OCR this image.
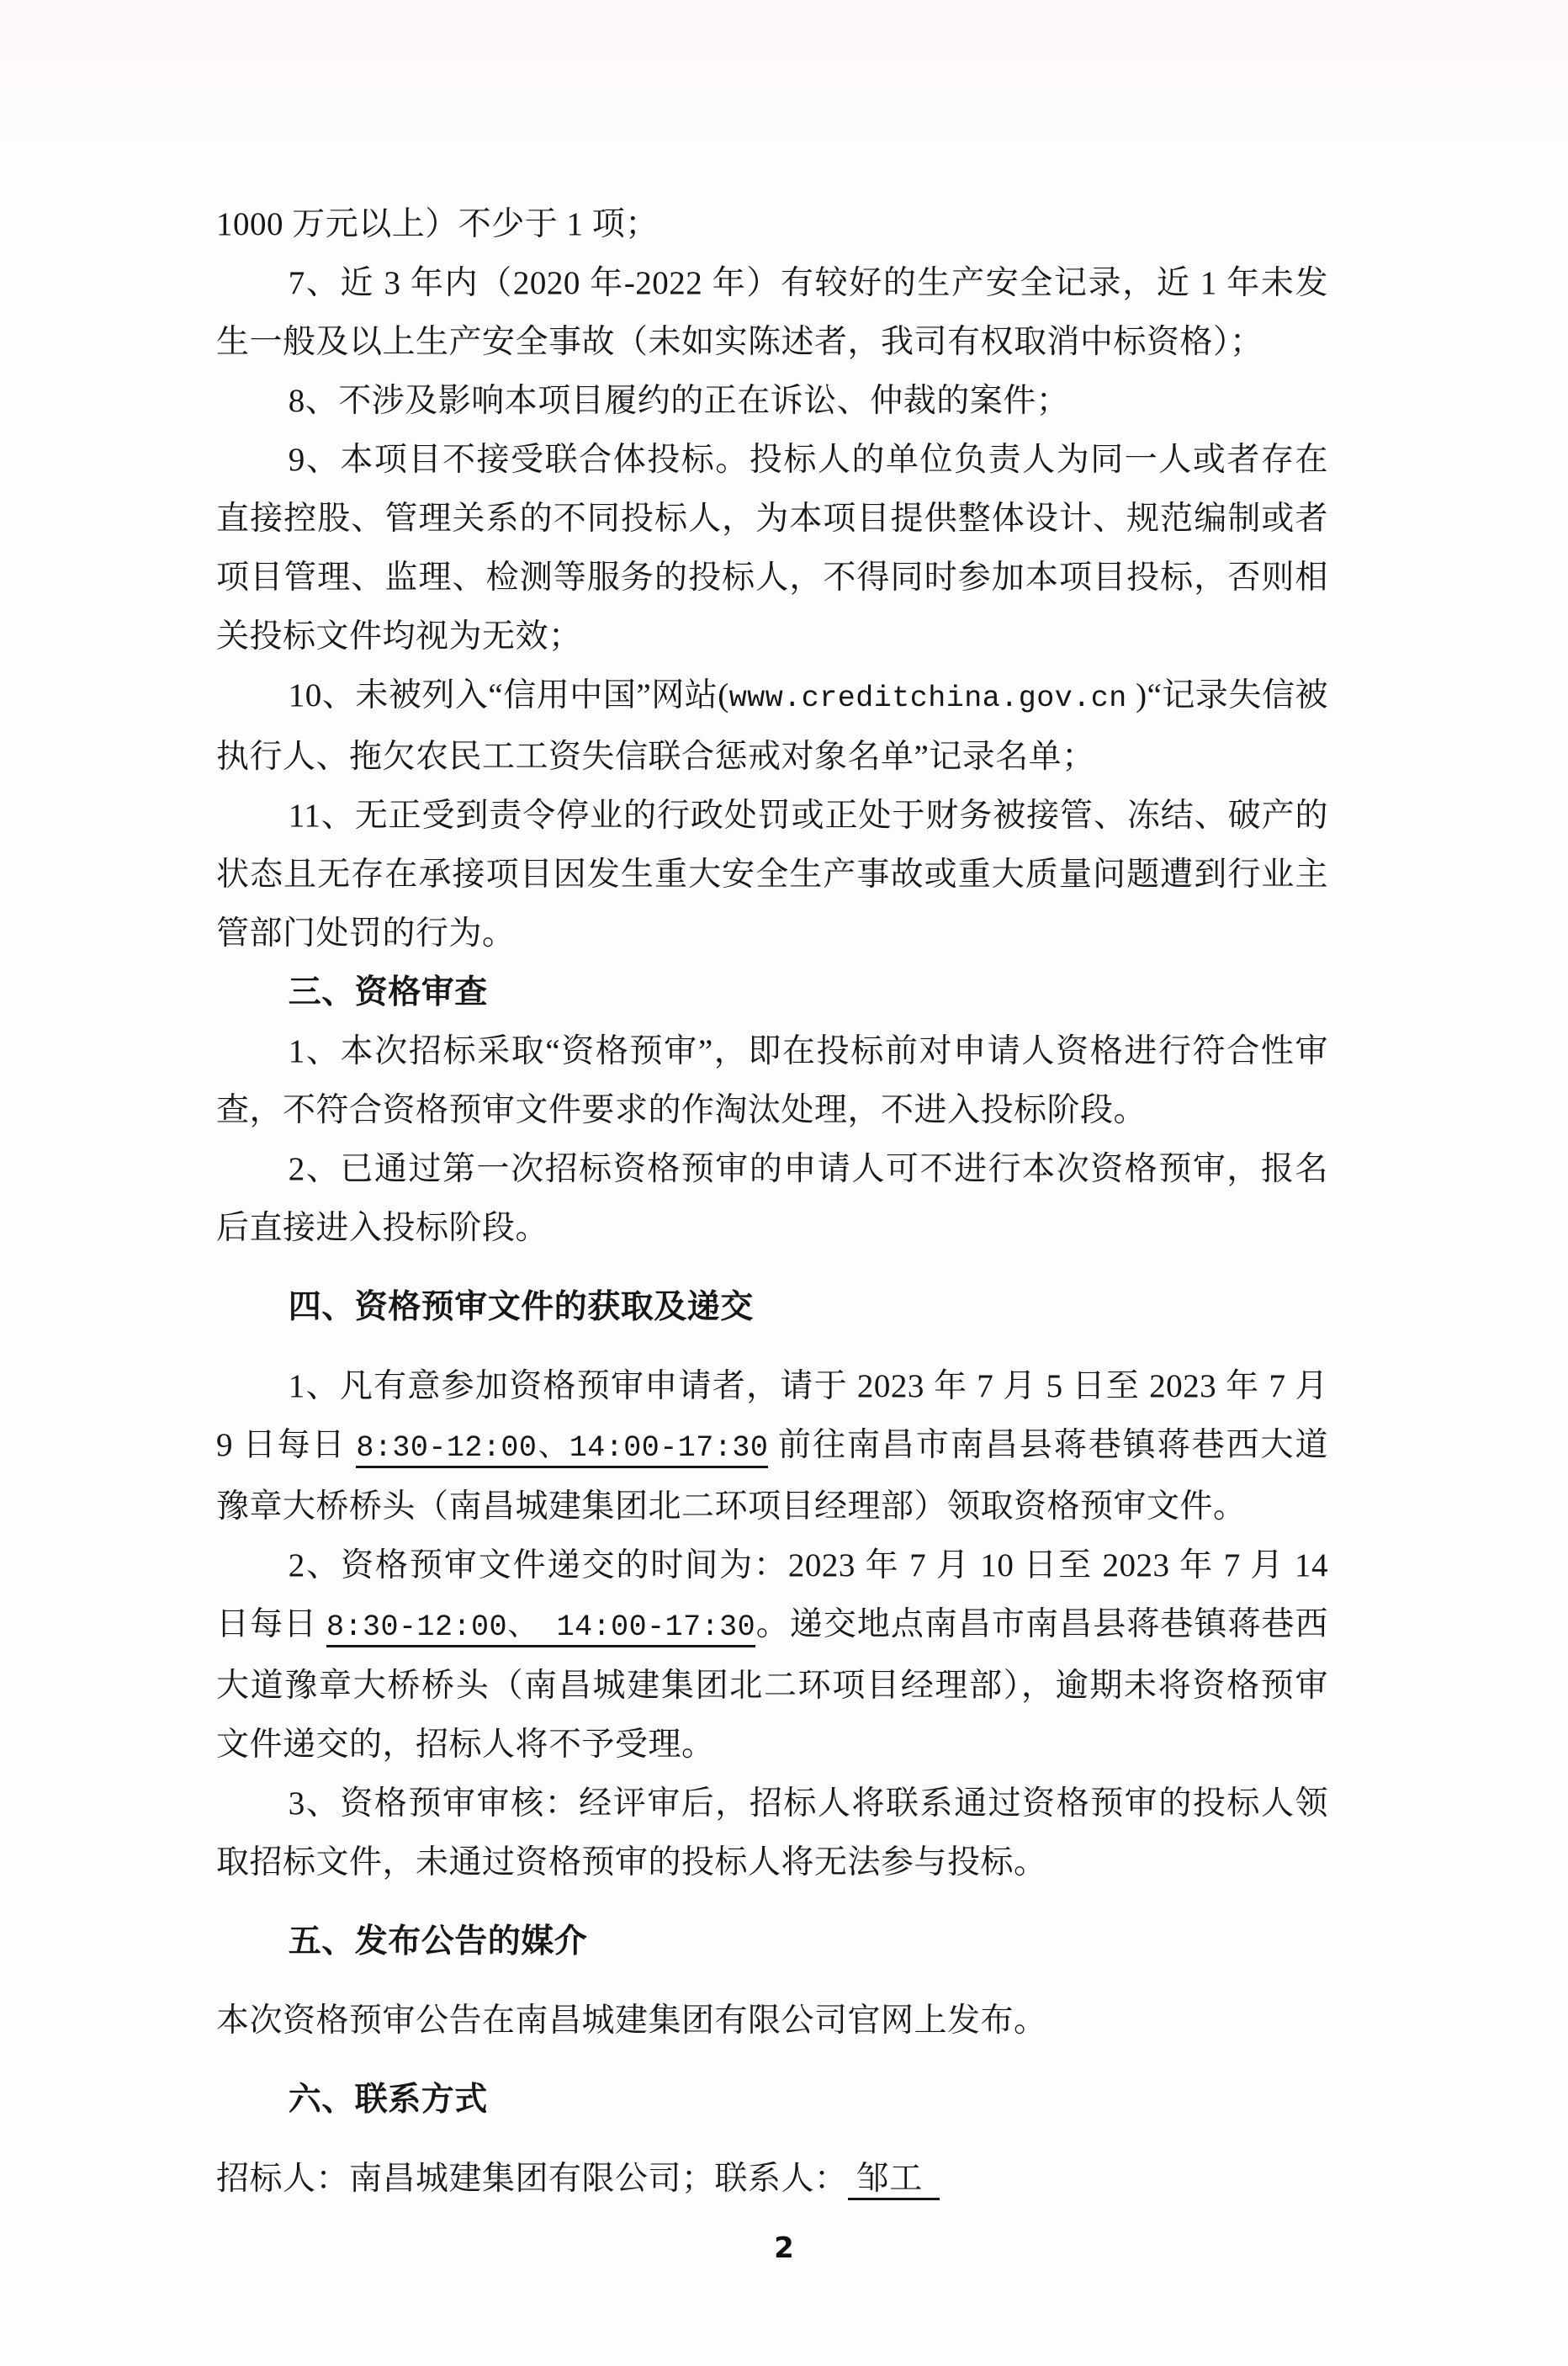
1000 万元以上）不少于 1 项；

7、近 3 年内（2020 年-2022 年）有较好的生产安全记录，近 1 年未发生一般及以上生产安全事故（未如实陈述者，我司有权取消中标资格）；

8、不涉及影响本项目履约的正在诉讼、仲裁的案件；

9、本项目不接受联合体投标。投标人的单位负责人为同一人或者存在直接控股、管理关系的不同投标人，为本项目提供整体设计、规范编制或者项目管理、监理、检测等服务的投标人，不得同时参加本项目投标，否则相关投标文件均视为无效；

10、未被列入“信用中国”网站(www.creditchina.gov.cn )“记录失信被执行人、拖欠农民工工资失信联合惩戒对象名单”记录名单；

11、无正受到责令停业的行政处罚或正处于财务被接管、冻结、破产的状态且无存在承接项目因发生重大安全生产事故或重大质量问题遭到行业主管部门处罚的行为。

三、资格审查

1、本次招标采取“资格预审”，即在投标前对申请人资格进行符合性审查，不符合资格预审文件要求的作淘汰处理，不进入投标阶段。

2、已通过第一次招标资格预审的申请人可不进行本次资格预审，报名后直接进入投标阶段。

四、资格预审文件的获取及递交

1、凡有意参加资格预审申请者，请于 2023 年 7 月 5 日至 2023 年 7 月 9 日每日 8:30-12:00、14:00-17:30 前往南昌市南昌县蒋巷镇蒋巷西大道豫章大桥桥头（南昌城建集团北二环项目经理部）领取资格预审文件。

2、资格预审文件递交的时间为：2023 年 7 月 10 日至 2023 年 7 月 14 日每日 8:30-12:00、 14:00-17:30。递交地点南昌市南昌县蒋巷镇蒋巷西大道豫章大桥桥头（南昌城建集团北二环项目经理部），逾期未将资格预审文件递交的，招标人将不予受理。

3、资格预审审核：经评审后，招标人将联系通过资格预审的投标人领取招标文件，未通过资格预审的投标人将无法参与投标。

五、发布公告的媒介

本次资格预审公告在南昌城建集团有限公司官网上发布。

六、联系方式

招标人：南昌城建集团有限公司；联系人： 邹工

2
